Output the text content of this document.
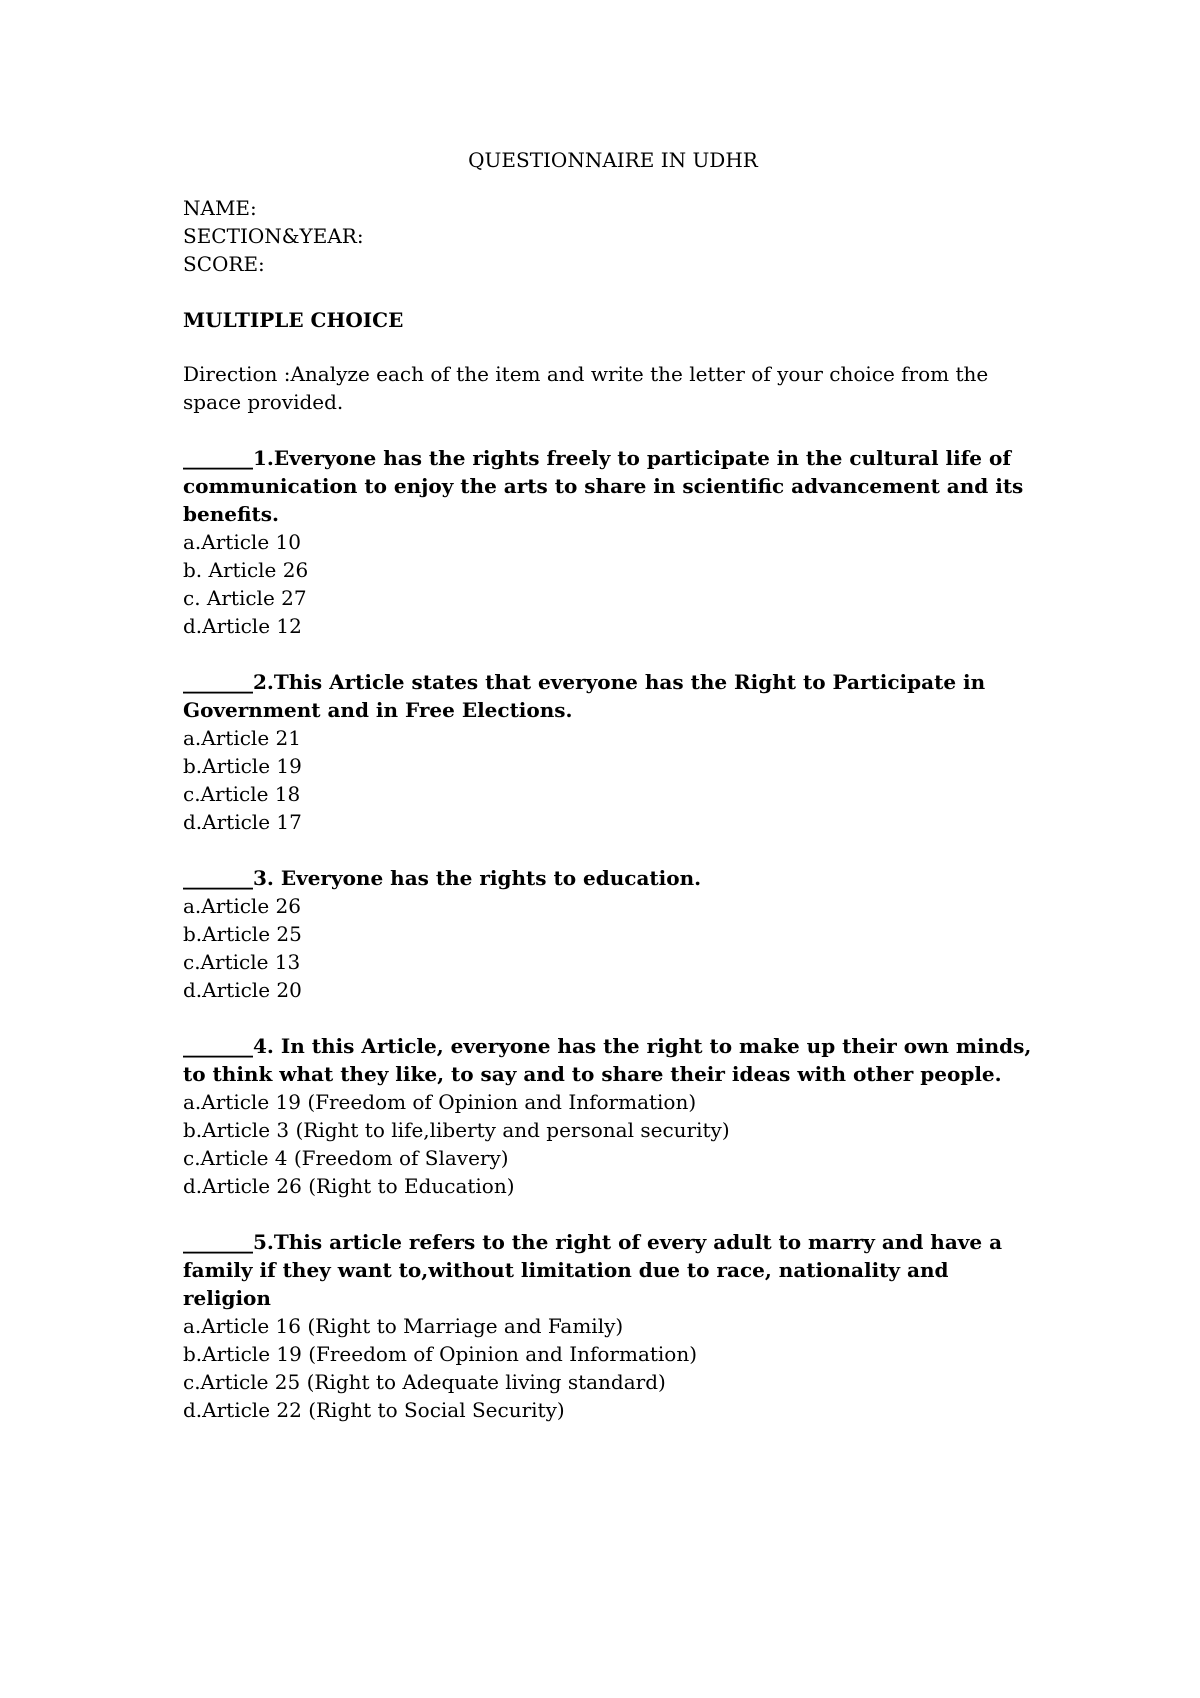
QUESTIONNAIRE IN UDHR

NAME:

SECTION&YEAR:

SCORE:

MULTIPLE CHOICE

Direction :Analyze each of the item and write the letter of your choice from the space provided.

_______1.Everyone has the rights freely to participate in the cultural life of communication to enjoy the arts to share in scientific advancement and its benefits.

a.Article 10
b. Article 26
c. Article 27
d.Article 12

_______2.This Article states that everyone has the Right to Participate in Government and in Free Elections.

a.Article 21
b.Article 19
c.Article 18
d.Article 17

_______3. Everyone has the rights to education.

a.Article 26
b.Article 25
c.Article 13
d.Article 20

_______4. In this Article, everyone has the right to make up their own minds, to think what they like, to say and to share their ideas with other people.

a.Article 19 (Freedom of Opinion and Information)
b.Article 3 (Right to life,liberty and personal security)
c.Article 4 (Freedom of Slavery)
d.Article 26 (Right to Education)

_______5.This article refers to the right of every adult to marry and have a family if they want to,without limitation due to race, nationality and religion

a.Article 16 (Right to Marriage and Family)
b.Article 19 (Freedom of Opinion and Information)
c.Article 25 (Right to Adequate living standard)
d.Article 22 (Right to Social Security)
